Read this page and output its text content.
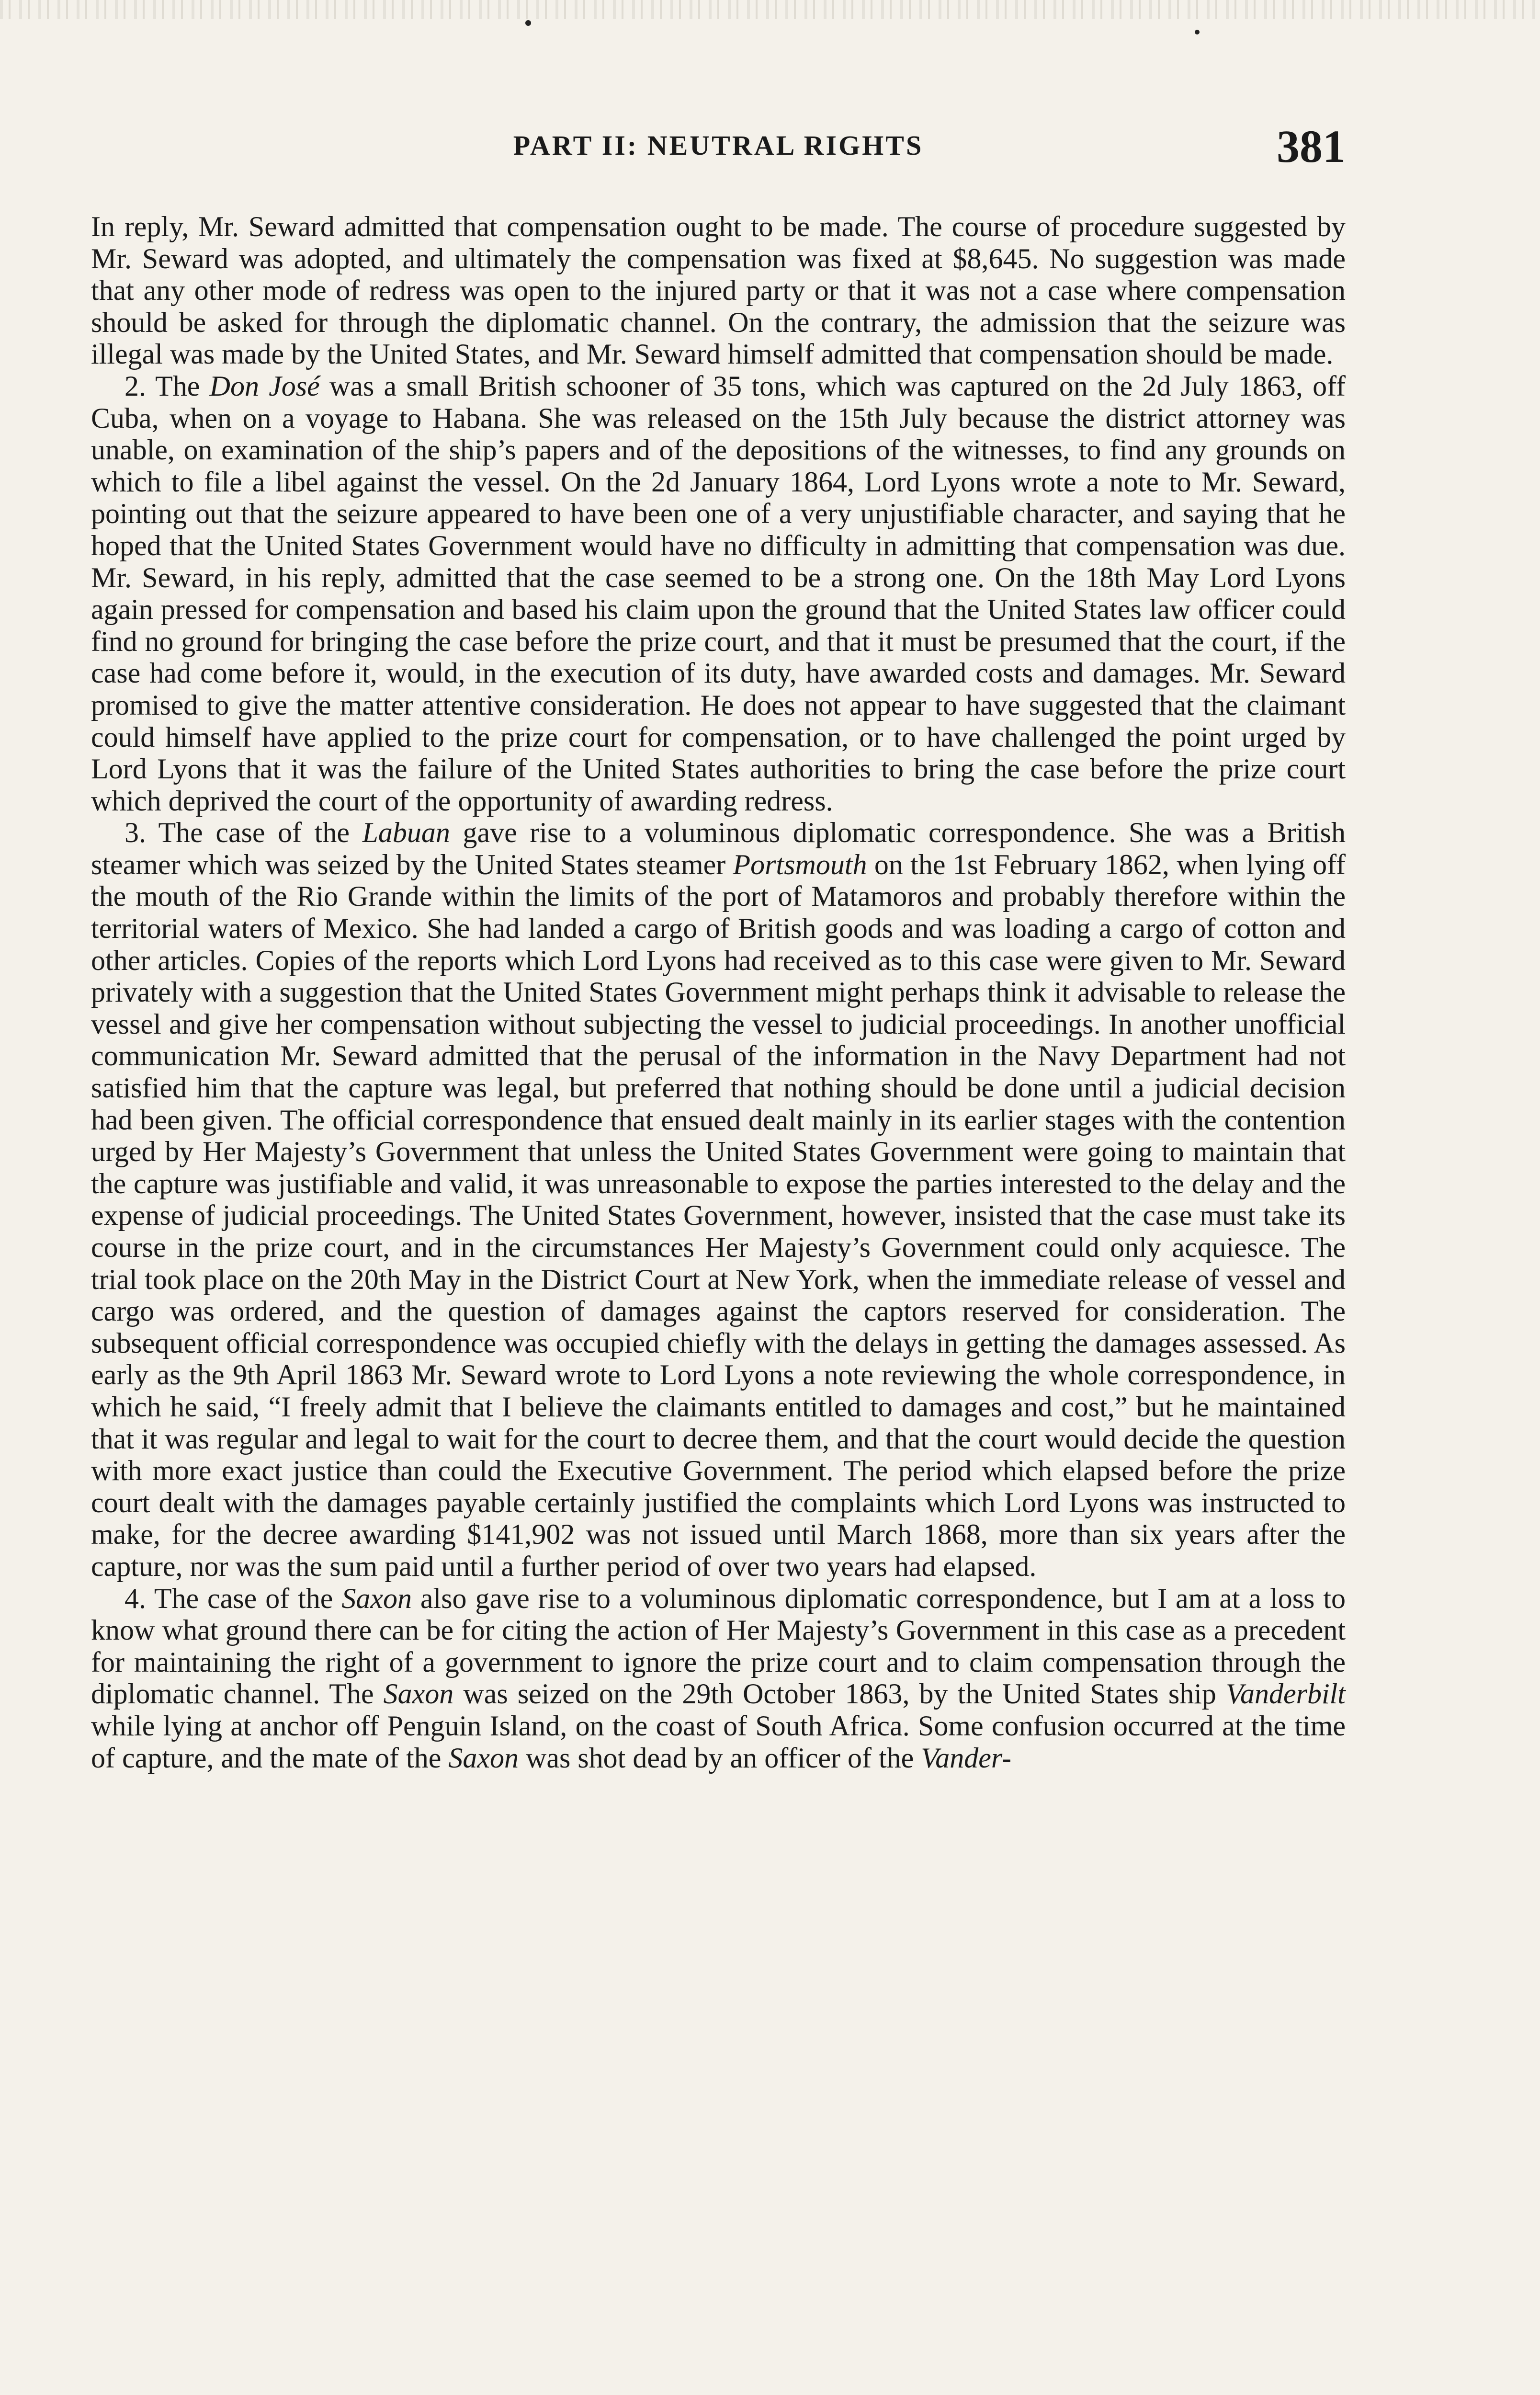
PART II: NEUTRAL RIGHTS	381

In reply, Mr. Seward admitted that compensation ought to be made. The course of procedure suggested by Mr. Seward was adopted, and ultimately the compensation was fixed at $8,645. No suggestion was made that any other mode of redress was open to the injured party or that it was not a case where compensation should be asked for through the diplomatic channel. On the contrary, the admission that the seizure was illegal was made by the United States, and Mr. Seward himself admitted that compensation should be made.

2. The Don José was a small British schooner of 35 tons, which was captured on the 2d July 1863, off Cuba, when on a voyage to Habana. She was released on the 15th July because the district attorney was unable, on examination of the ship’s papers and of the depositions of the witnesses, to find any grounds on which to file a libel against the vessel. On the 2d January 1864, Lord Lyons wrote a note to Mr. Seward, pointing out that the seizure appeared to have been one of a very unjustifiable character, and saying that he hoped that the United States Government would have no difficulty in admitting that compensation was due. Mr. Seward, in his reply, admitted that the case seemed to be a strong one. On the 18th May Lord Lyons again pressed for compensation and based his claim upon the ground that the United States law officer could find no ground for bringing the case before the prize court, and that it must be presumed that the court, if the case had come before it, would, in the execution of its duty, have awarded costs and damages. Mr. Seward promised to give the matter attentive consideration. He does not appear to have suggested that the claimant could himself have applied to the prize court for compensation, or to have challenged the point urged by Lord Lyons that it was the failure of the United States authorities to bring the case before the prize court which deprived the court of the opportunity of awarding redress.

3. The case of the Labuan gave rise to a voluminous diplomatic correspondence. She was a British steamer which was seized by the United States steamer Portsmouth on the 1st February 1862, when lying off the mouth of the Rio Grande within the limits of the port of Matamoros and probably therefore within the territorial waters of Mexico. She had landed a cargo of British goods and was loading a cargo of cotton and other articles. Copies of the reports which Lord Lyons had received as to this case were given to Mr. Seward privately with a suggestion that the United States Government might perhaps think it advisable to release the vessel and give her compensation without subjecting the vessel to judicial proceedings. In another unofficial communication Mr. Seward admitted that the perusal of the information in the Navy Department had not satisfied him that the capture was legal, but preferred that nothing should be done until a judicial decision had been given. The official correspondence that ensued dealt mainly in its earlier stages with the contention urged by Her Majesty’s Government that unless the United States Government were going to maintain that the capture was justifiable and valid, it was unreasonable to expose the parties interested to the delay and the expense of judicial proceedings. The United States Government, however, insisted that the case must take its course in the prize court, and in the circumstances Her Majesty’s Government could only acquiesce. The trial took place on the 20th May in the District Court at New York, when the immediate release of vessel and cargo was ordered, and the question of damages against the captors reserved for consideration. The subsequent official correspondence was occupied chiefly with the delays in getting the damages assessed. As early as the 9th April 1863 Mr. Seward wrote to Lord Lyons a note reviewing the whole correspondence, in which he said, “I freely admit that I believe the claimants entitled to damages and cost,” but he maintained that it was regular and legal to wait for the court to decree them, and that the court would decide the question with more exact justice than could the Executive Government. The period which elapsed before the prize court dealt with the damages payable certainly justified the complaints which Lord Lyons was instructed to make, for the decree awarding $141,902 was not issued until March 1868, more than six years after the capture, nor was the sum paid until a further period of over two years had elapsed.

4. The case of the Saxon also gave rise to a voluminous diplomatic correspondence, but I am at a loss to know what ground there can be for citing the action of Her Majesty’s Government in this case as a precedent for maintaining the right of a government to ignore the prize court and to claim compensation through the diplomatic channel. The Saxon was seized on the 29th October 1863, by the United States ship Vanderbilt while lying at anchor off Penguin Island, on the coast of South Africa. Some confusion occurred at the time of capture, and the mate of the Saxon was shot dead by an officer of the Vander-
